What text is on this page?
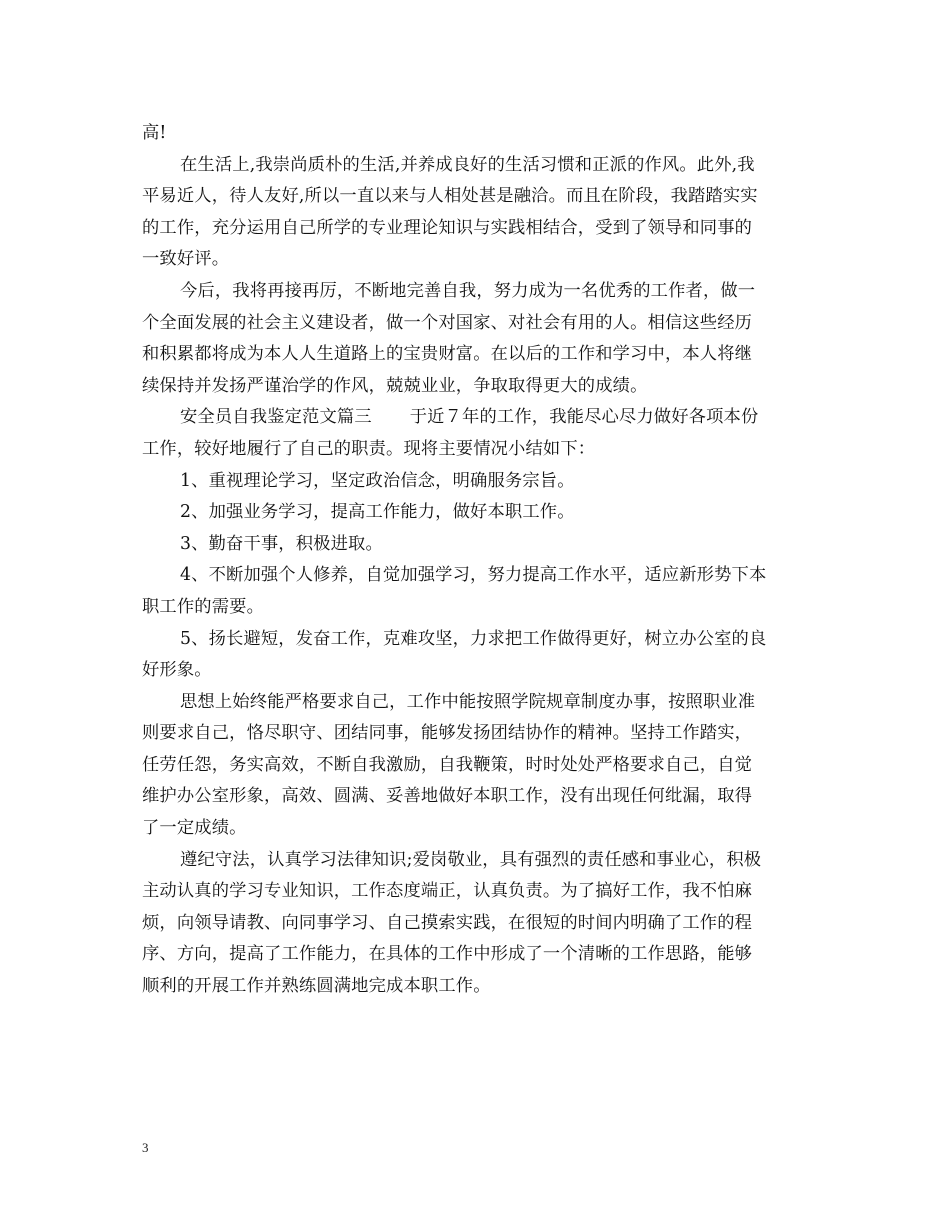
高!
在生活上,我崇尚质朴的生活,并养成良好的生活习惯和正派的作风。此外,我
平易近人，待人友好,所以一直以来与人相处甚是融洽。而且在阶段，我踏踏实实
的工作，充分运用自己所学的专业理论知识与实践相结合，受到了领导和同事的
一致好评。
今后，我将再接再厉，不断地完善自我，努力成为一名优秀的工作者，做一
个全面发展的社会主义建设者，做一个对国家、对社会有用的人。相信这些经历
和积累都将成为本人人生道路上的宝贵财富。在以后的工作和学习中，本人将继
续保持并发扬严谨治学的作风，兢兢业业，争取取得更大的成绩。
安全员自我鉴定范文篇三 于近７年的工作，我能尽心尽力做好各项本份
工作，较好地履行了自己的职责。现将主要情况小结如下：
1、重视理论学习，坚定政治信念，明确服务宗旨。
2、加强业务学习，提高工作能力，做好本职工作。
3、勤奋干事，积极进取。
4、不断加强个人修养，自觉加强学习，努力提高工作水平，适应新形势下本
职工作的需要。
5、扬长避短，发奋工作，克难攻坚，力求把工作做得更好，树立办公室的良
好形象。
思想上始终能严格要求自己，工作中能按照学院规章制度办事，按照职业准
则要求自己，恪尽职守、团结同事，能够发扬团结协作的精神。坚持工作踏实，
任劳任怨，务实高效，不断自我激励，自我鞭策，时时处处严格要求自己，自觉
维护办公室形象，高效、圆满、妥善地做好本职工作，没有出现任何纰漏，取得
了一定成绩。
遵纪守法，认真学习法律知识;爱岗敬业，具有强烈的责任感和事业心，积极
主动认真的学习专业知识，工作态度端正，认真负责。为了搞好工作，我不怕麻
烦，向领导请教、向同事学习、自己摸索实践，在很短的时间内明确了工作的程
序、方向，提高了工作能力，在具体的工作中形成了一个清晰的工作思路，能够
顺利的开展工作并熟练圆满地完成本职工作。
3
